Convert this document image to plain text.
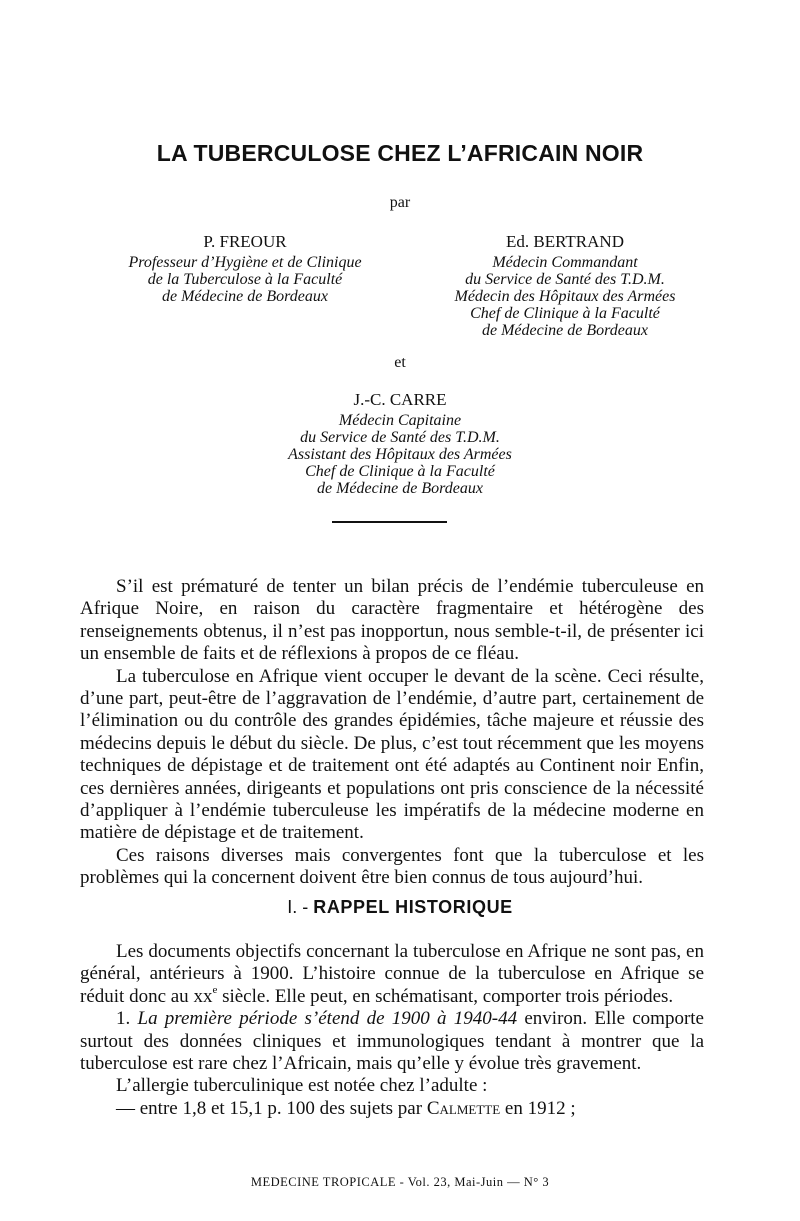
LA TUBERCULOSE CHEZ L’AFRICAIN NOIR
par
P. FREOUR
Professeur d’Hygiène et de Clinique
de la Tuberculose à la Faculté
de Médecine de Bordeaux
Ed. BERTRAND
Médecin Commandant
du Service de Santé des T.D.M.
Médecin des Hôpitaux des Armées
Chef de Clinique à la Faculté
de Médecine de Bordeaux
et
J.-C. CARRE
Médecin Capitaine
du Service de Santé des T.D.M.
Assistant des Hôpitaux des Armées
Chef de Clinique à la Faculté
de Médecine de Bordeaux

S’il est prématuré de tenter un bilan précis de l’endémie tuberculeuse en Afrique Noire, en raison du caractère fragmentaire et hétérogène des renseignements obtenus, il n’est pas inopportun, nous semble-t-il, de présenter ici un ensemble de faits et de réflexions à propos de ce fléau.

La tuberculose en Afrique vient occuper le devant de la scène. Ceci résulte, d’une part, peut-être de l’aggravation de l’endémie, d’autre part, certainement de l’élimination ou du contrôle des grandes épidémies, tâche majeure et réussie des médecins depuis le début du siècle. De plus, c’est tout récemment que les moyens techniques de dépistage et de traitement ont été adaptés au Continent noir Enfin, ces dernières années, dirigeants et populations ont pris conscience de la nécessité d’appliquer à l’endémie tuberculeuse les impératifs de la médecine moderne en matière de dépistage et de traitement.

Ces raisons diverses mais convergentes font que la tuberculose et les problèmes qui la concernent doivent être bien connus de tous aujourd’hui.

I. - RAPPEL HISTORIQUE

Les documents objectifs concernant la tuberculose en Afrique ne sont pas, en général, antérieurs à 1900. L’histoire connue de la tuberculose en Afrique se réduit donc au $xx^e$ siècle. Elle peut, en schématisant, comporter trois périodes.

1. La première période s’étend de 1900 à 1940-44 environ. Elle comporte surtout des données cliniques et immunologiques tendant à montrer que la tuberculose est rare chez l’Africain, mais qu’elle y évolue très gravement.

L’allergie tuberculinique est notée chez l’adulte :

— entre 1,8 et 15,1 p. 100 des sujets par Calmette en 1912 ;

MEDECINE TROPICALE - Vol. 23, Mai-Juin — N° 3
